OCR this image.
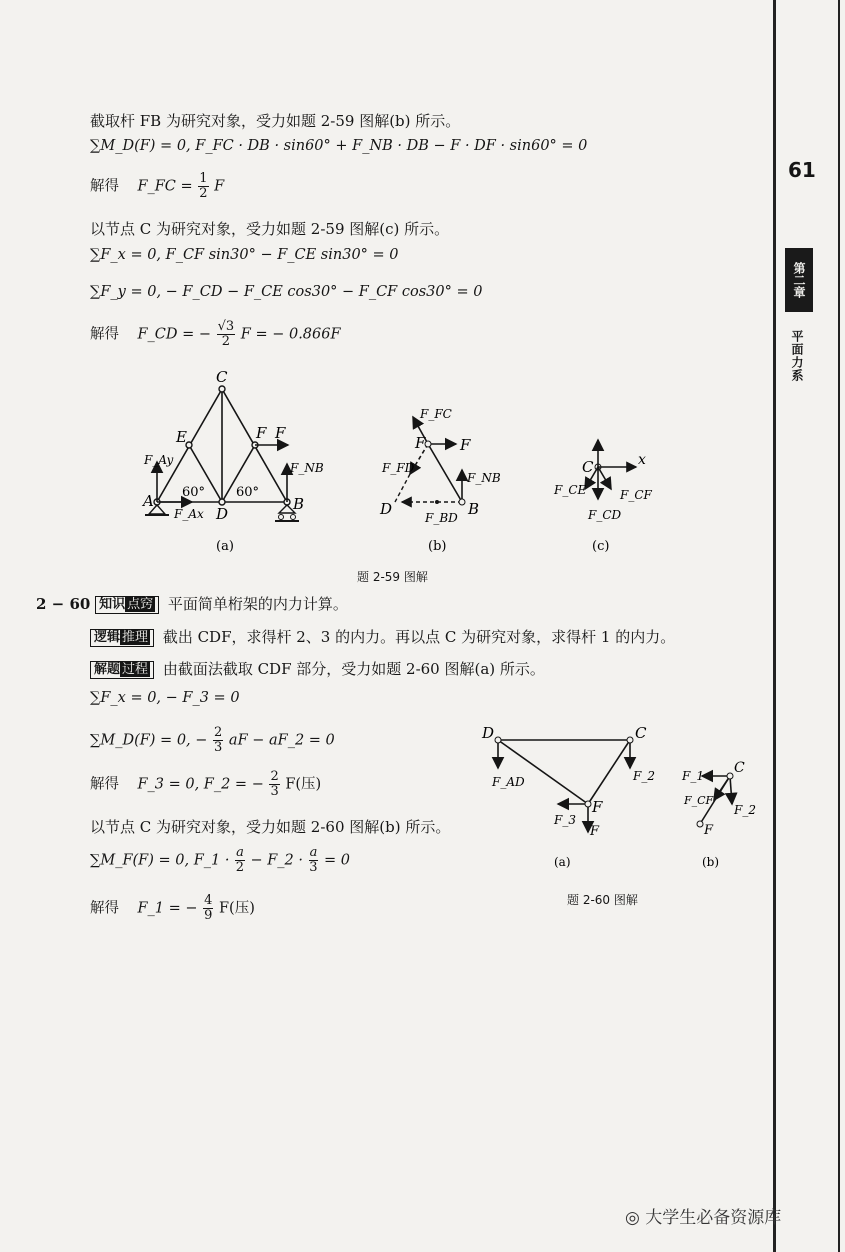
61
第二章
平面力系
截取杆 FB 为研究对象，受力如题 2-59 图解(b) 所示。
∑M_D(F) = 0, F_FC · DB · sin60° + F_NB · DB − F · DF · sin60° = 0
解得 F_FC = $\frac{1}{2}$ F
以节点 C 为研究对象，受力如题 2-59 图解(c) 所示。
∑F_x = 0, F_CF sin30° − F_CE sin30° = 0
∑F_y = 0, − F_CD − F_CE cos30° − F_CF cos30° = 0
解得 F_CD = − $\frac{√3}{2}$ F = − 0.866F
C
E	F F
A	B
D
F_Ay
F_Ax
F_NB
60° 60°
F F
F_FC
F_FD
F_BD
F_NB
D	B
C	x
F_CE
F_CD
F_CF
(a)	(b)	(c)
题 2-59 图解
2 − 60 知识 点窍 平面简单桁架的内力计算。
逻辑 推理 截出 CDF，求得杆 2、3 的内力。再以点 C 为研究对象，求得杆 1 的内力。
解题 过程 由截面法截取 CDF 部分，受力如题 2-60 图解(a) 所示。
∑F_x = 0, − F_3 = 0
∑M_D(F) = 0, − $\frac{2}{3}$ aF − aF_2 = 0
解得 F_3 = 0, F_2 = − $\frac{2}{3} F$(压)
以节点 C 为研究对象，受力如题 2-60 图解(b) 所示。
∑M_F(F) = 0, F_1 · $\frac{a}{2}$ − F_2 · $\frac{a}{3} = 0$
解得 F_1 = − $\frac{4}{9} F$(压)
D	C
F
F_AD	F_2
F_3
F
C
F_1
F_2
F_CF
F
(a)	(b)
题 2-60 图解
◎ 大学生必备资源库
